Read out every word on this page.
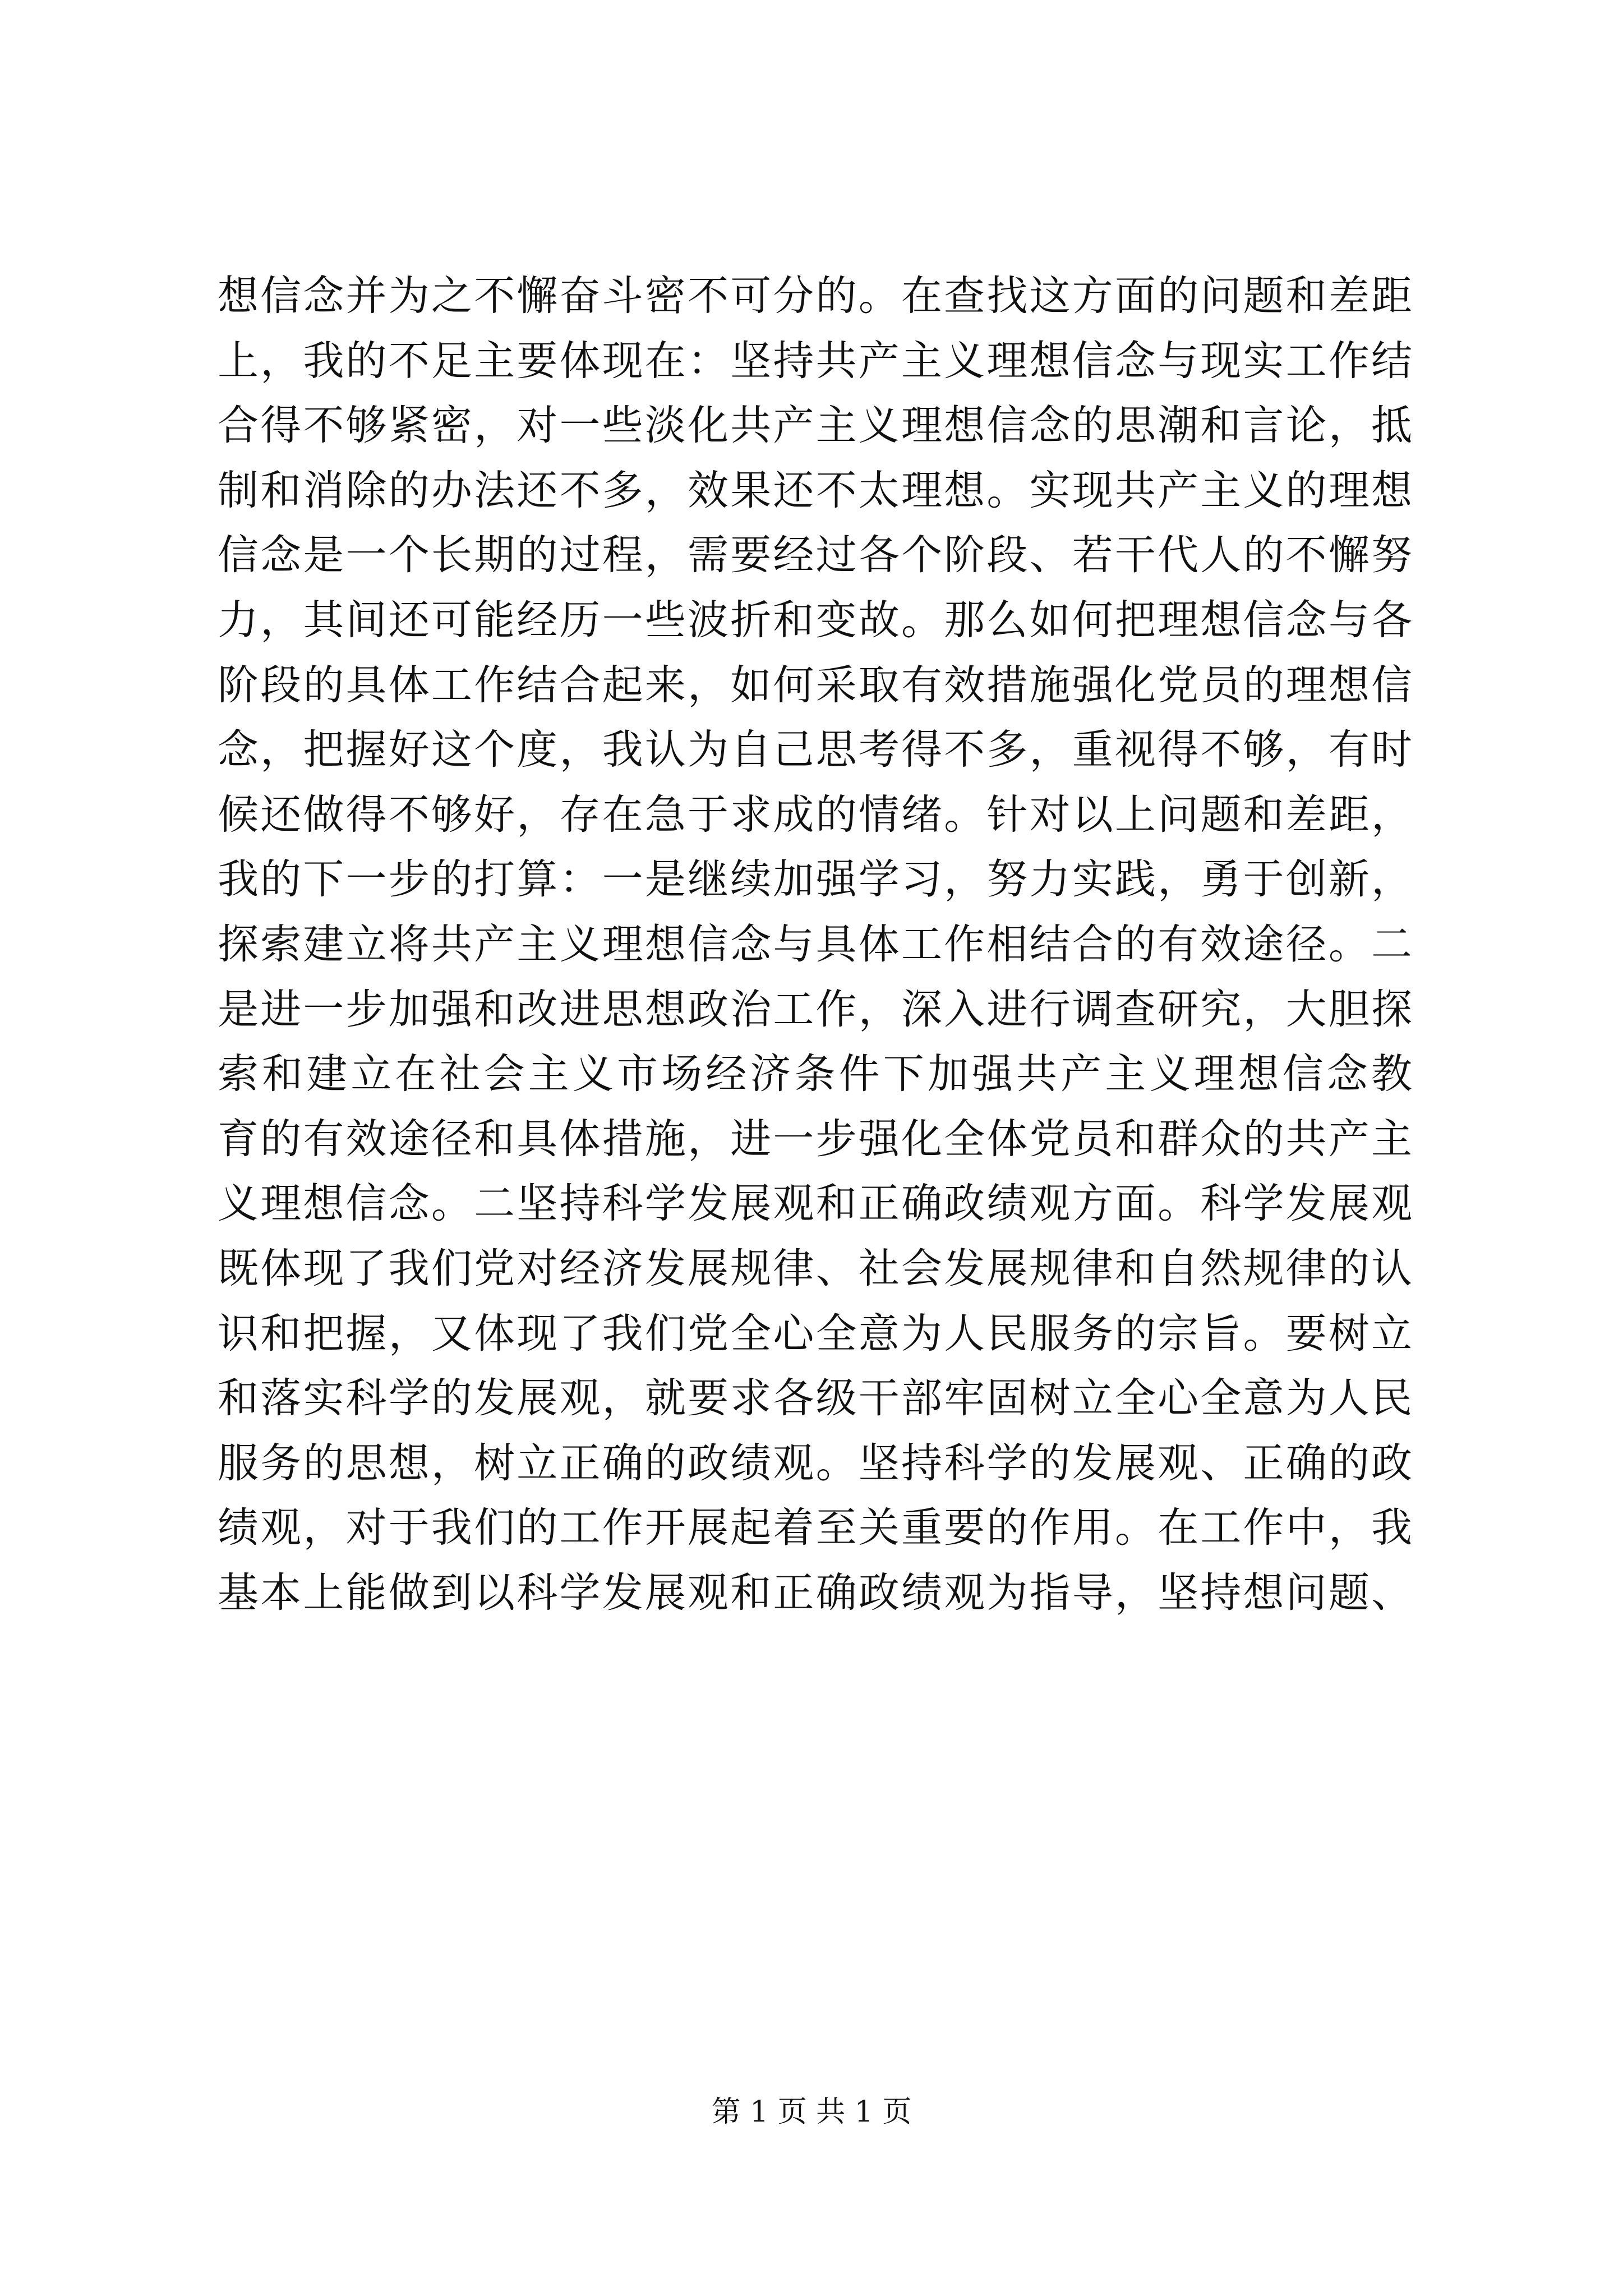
想信念并为之不懈奋斗密不可分的。在查找这方面的问题和差距
上，我的不足主要体现在：坚持共产主义理想信念与现实工作结
合得不够紧密，对一些淡化共产主义理想信念的思潮和言论，抵
制和消除的办法还不多，效果还不太理想。实现共产主义的理想
信念是一个长期的过程，需要经过各个阶段、若干代人的不懈努
力，其间还可能经历一些波折和变故。那么如何把理想信念与各
阶段的具体工作结合起来，如何采取有效措施强化党员的理想信
念，把握好这个度，我认为自己思考得不多，重视得不够，有时
候还做得不够好，存在急于求成的情绪。针对以上问题和差距，
我的下一步的打算：一是继续加强学习，努力实践，勇于创新，
探索建立将共产主义理想信念与具体工作相结合的有效途径。二
是进一步加强和改进思想政治工作，深入进行调查研究，大胆探
索和建立在社会主义市场经济条件下加强共产主义理想信念教
育的有效途径和具体措施，进一步强化全体党员和群众的共产主
义理想信念。二坚持科学发展观和正确政绩观方面。科学发展观
既体现了我们党对经济发展规律、社会发展规律和自然规律的认
识和把握，又体现了我们党全心全意为人民服务的宗旨。要树立
和落实科学的发展观，就要求各级干部牢固树立全心全意为人民
服务的思想，树立正确的政绩观。坚持科学的发展观、正确的政
绩观，对于我们的工作开展起着至关重要的作用。在工作中，我
基本上能做到以科学发展观和正确政绩观为指导，坚持想问题、
第 1 页 共 1 页
